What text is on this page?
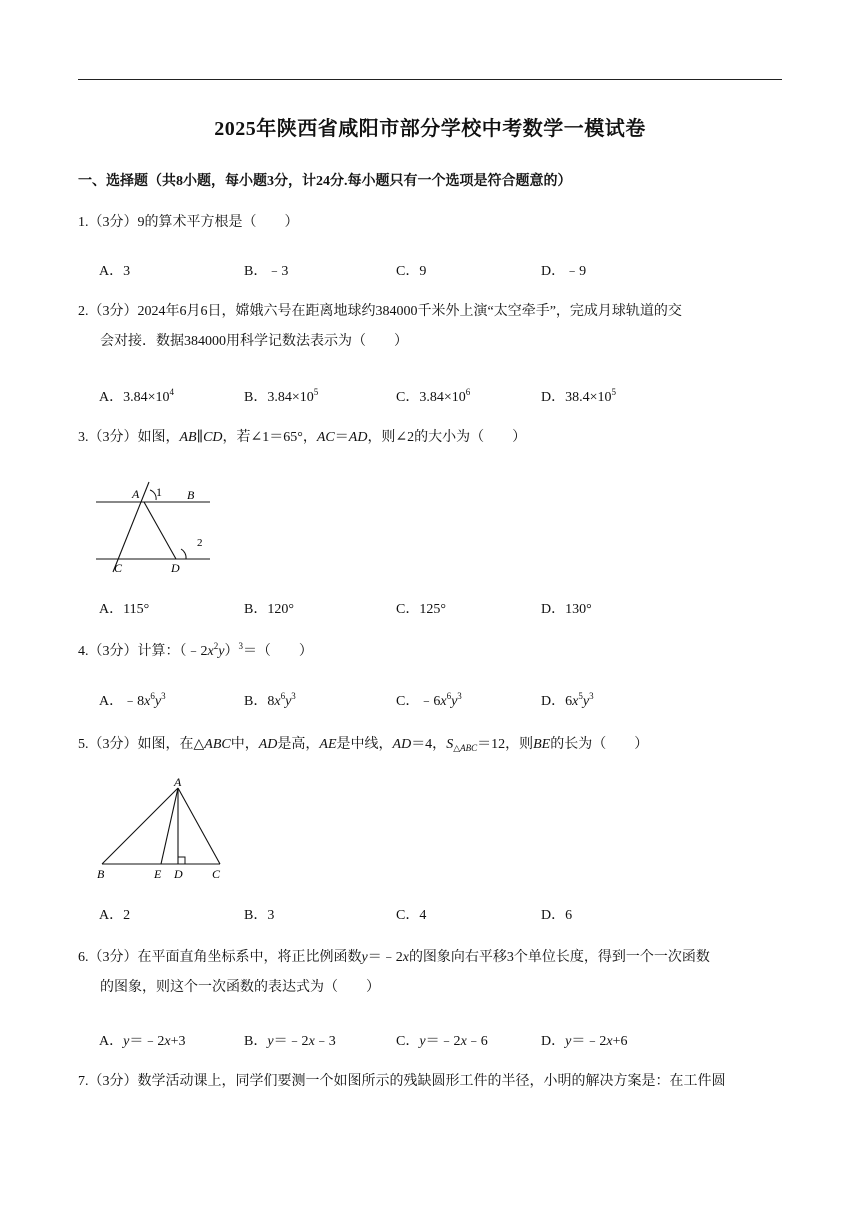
2025年陕西省咸阳市部分学校中考数学一模试卷
一、选择题（共8小题，每小题3分，计24分.每小题只有一个选项是符合题意的）
1.（3分）9的算术平方根是（　　）
A．3	B．﹣3	C．9	D．﹣9
2.（3分）2024年6月6日，嫦娥六号在距离地球约384000千米外上演“太空牵手”，完成月球轨道的交
会对接．数据384000用科学记数法表示为（　　）
A．$3.84\times 10^4$	B．$3.84\times 10^5$	C．$3.84\times 10^6$	D．$38.4\times 10^5$
3.（3分）如图，AB∥CD，若∠1＝65°，AC＝AD，则∠2的大小为（　　）
A 1 B
2
C	D
A．115°	B．120°	C．125°	D．130°
4.（3分）计算：$(﹣2x^2y)^3=$（　　）
A．$﹣8x^6y^3$	B．$8x^6y^3$	C．$﹣6x^6y^3$	D．$6x^5y^3$
5.（3分）如图，在△ABC中，AD是高，AE是中线，AD＝4，$S_{\triangle ABC}=12$，则BE的长为（　　）
A
B	E D C
A．2	B．3	C．4	D．6
6.（3分）在平面直角坐标系中，将正比例函数y＝﹣2x的图象向右平移3个单位长度，得到一个一次函数
的图象，则这个一次函数的表达式为（　　）
A．y＝﹣2x+3	B．y＝﹣2x﹣3	C．y＝﹣2x﹣6	D．y＝﹣2x+6
7.（3分）数学活动课上，同学们要测一个如图所示的残缺圆形工件的半径，小明的解决方案是：在工件圆
